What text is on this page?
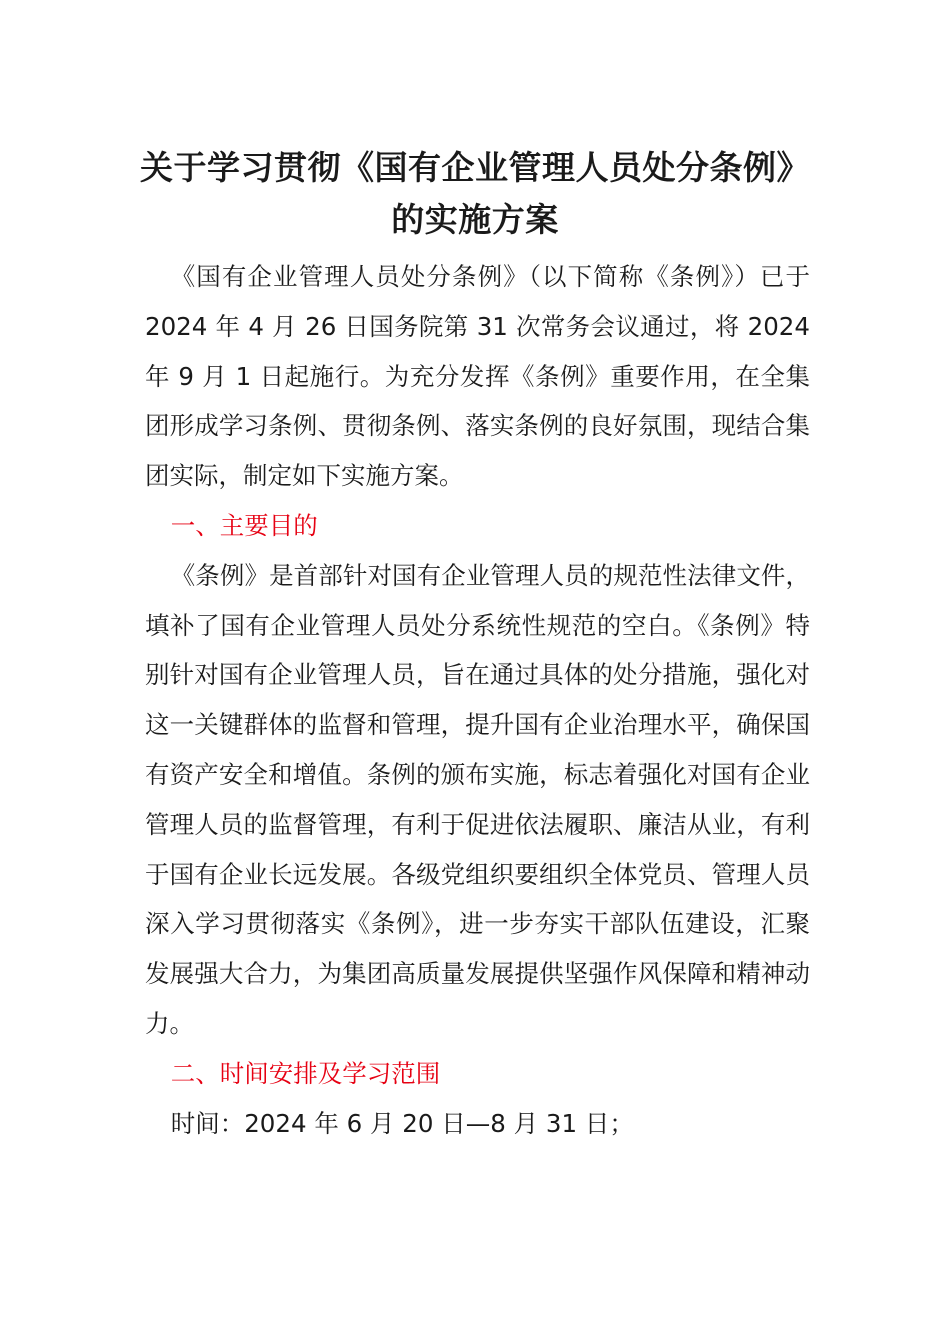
关于学习贯彻《国有企业管理人员处分条例》的实施方案

《国有企业管理人员处分条例》（以下简称《条例》）已于 2024 年 4 月 26 日国务院第 31 次常务会议通过，将 2024 年 9 月 1 日起施行。为充分发挥《条例》重要作用，在全集团形成学习条例、贯彻条例、落实条例的良好氛围，现结合集团实际，制定如下实施方案。

一、主要目的

《条例》是首部针对国有企业管理人员的规范性法律文件，填补了国有企业管理人员处分系统性规范的空白。《条例》特别针对国有企业管理人员，旨在通过具体的处分措施，强化对这一关键群体的监督和管理，提升国有企业治理水平，确保国有资产安全和增值。条例的颁布实施，标志着强化对国有企业管理人员的监督管理，有利于促进依法履职、廉洁从业，有利于国有企业长远发展。各级党组织要组织全体党员、管理人员深入学习贯彻落实《条例》，进一步夯实干部队伍建设，汇聚发展强大合力，为集团高质量发展提供坚强作风保障和精神动力。

二、时间安排及学习范围

时间：2024 年 6 月 20 日—8 月 31 日；
